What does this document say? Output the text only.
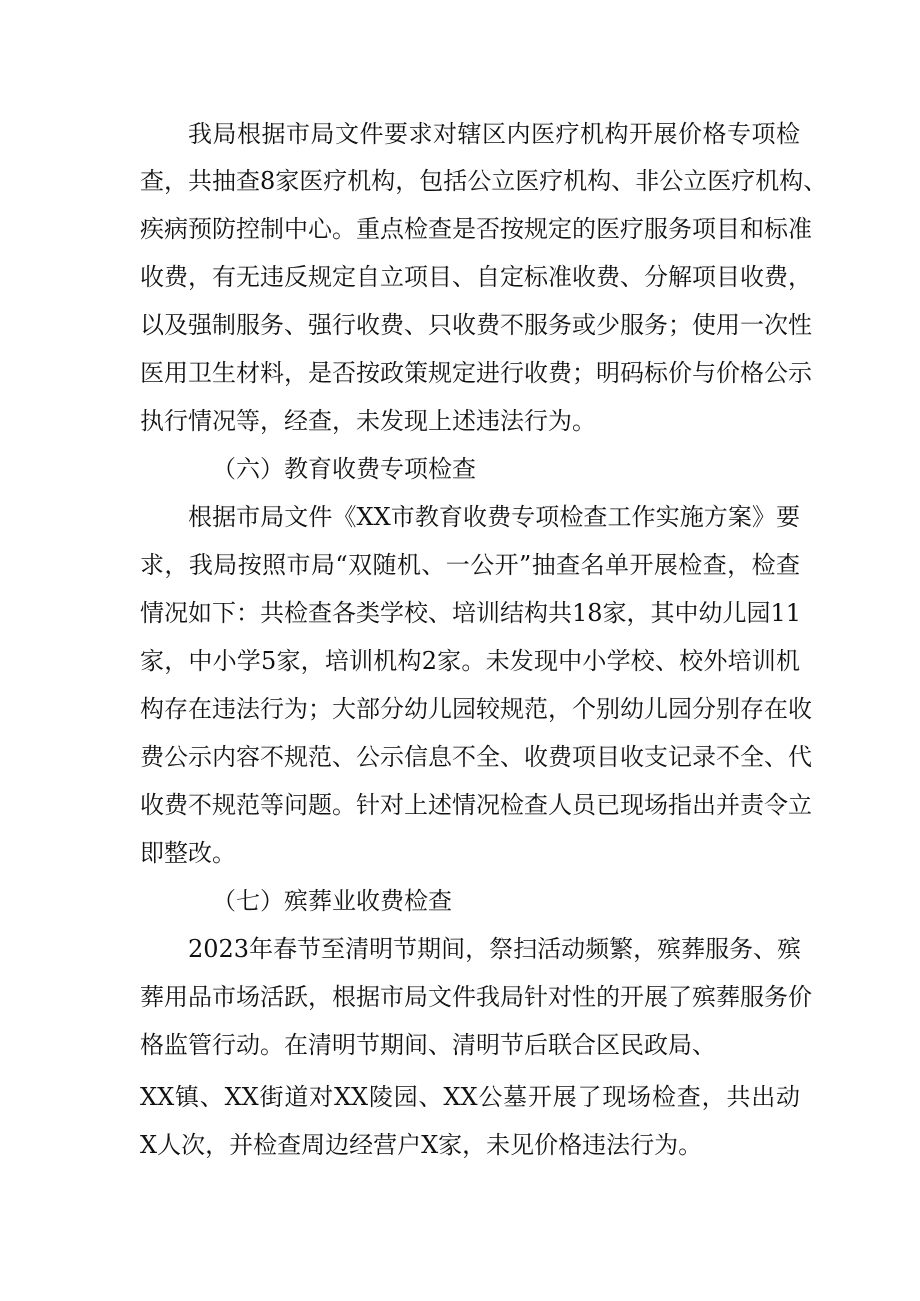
我局根据市局文件要求对辖区内医疗机构开展价格专项检
查，共抽查8家医疗机构，包括公立医疗机构、非公立医疗机构、
疾病预防控制中心。重点检查是否按规定的医疗服务项目和标准
收费，有无违反规定自立项目、自定标准收费、分解项目收费，
以及强制服务、强行收费、只收费不服务或少服务；使用一次性
医用卫生材料，是否按政策规定进行收费；明码标价与价格公示
执行情况等，经查，未发现上述违法行为。
（六）教育收费专项检查
根据市局文件《XX市教育收费专项检查工作实施方案》要
求，我局按照市局“双随机、一公开”抽查名单开展检查，检查
情况如下：共检查各类学校、培训结构共18家，其中幼儿园11
家，中小学5家，培训机构2家。未发现中小学校、校外培训机
构存在违法行为；大部分幼儿园较规范，个别幼儿园分别存在收
费公示内容不规范、公示信息不全、收费项目收支记录不全、代
收费不规范等问题。针对上述情况检查人员已现场指出并责令立
即整改。
（七）殡葬业收费检查
2023年春节至清明节期间，祭扫活动频繁，殡葬服务、殡
葬用品市场活跃，根据市局文件我局针对性的开展了殡葬服务价
格监管行动。在清明节期间、清明节后联合区民政局、
XX镇、XX街道对XX陵园、XX公墓开展了现场检查，共出动
X人次，并检查周边经营户X家，未见价格违法行为。
